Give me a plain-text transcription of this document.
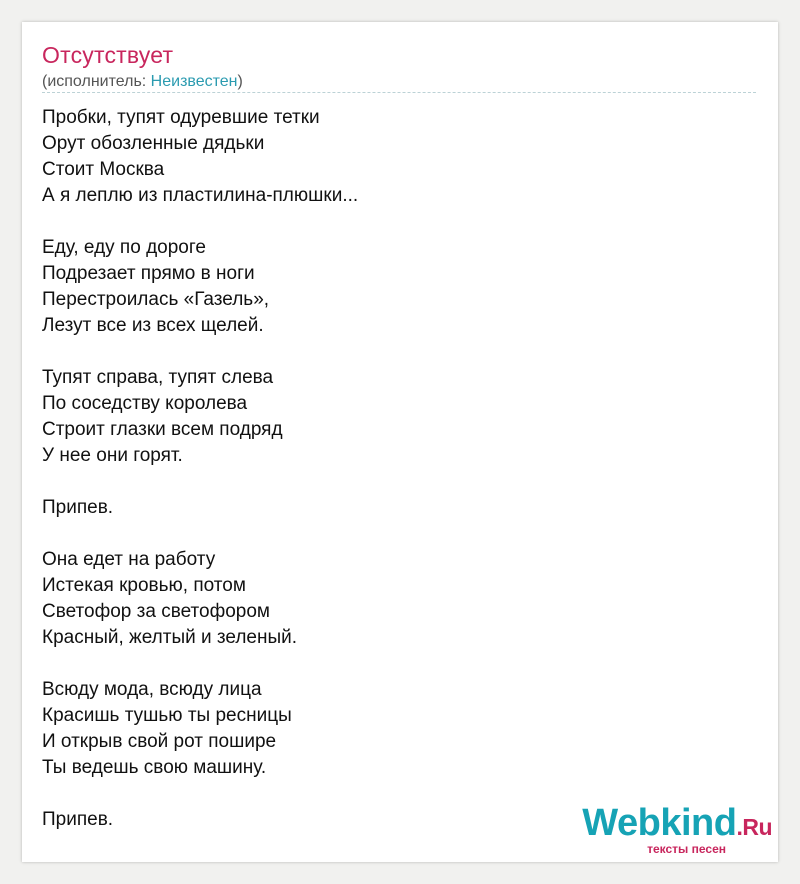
Отсутствует
(исполнитель: Неизвестен)
Пробки, тупят одуревшие тетки
Орут обозленные дядьки
Стоит Москва
А я леплю из пластилина-плюшки...
Еду, еду по дороге
Подрезает прямо в ноги
Перестроилась «Газель»,
Лезут все из всех щелей.
Тупят справа, тупят слева
По соседству королева
Строит глазки всем подряд
У нее они горят.
Припев.
Она едет на работу
Истекая кровью, потом
Светофор за светофором
Красный, желтый и зеленый.
Всюду мода, всюду лица
Красишь тушью ты ресницы
И открыв свой рот пошире
Ты ведешь свою машину.
Припев.	Webkind.Ru
тексты песен
